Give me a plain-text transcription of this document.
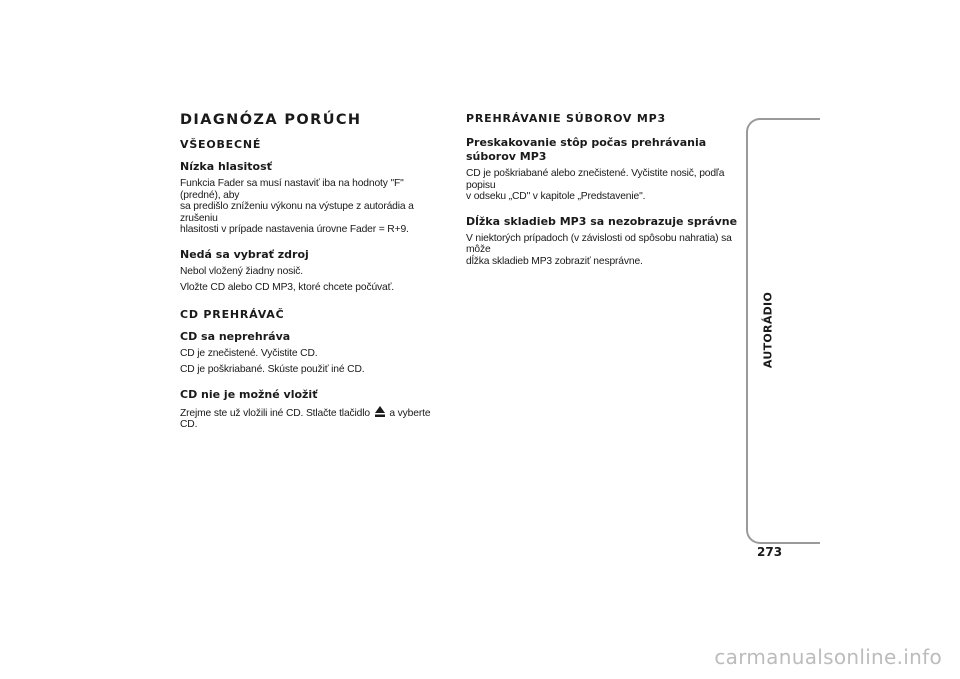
DIAGNÓZA PORÚCH
VŠEOBECNÉ
Nízka hlasitosť
Funkcia Fader sa musí nastaviť iba na hodnoty "F" (predné), aby
sa predišlo zníženiu výkonu na výstupe z autorádia a zrušeniu
hlasitosti v prípade nastavenia úrovne Fader = R+9.
Nedá sa vybrať zdroj
Nebol vložený žiadny nosič.
Vložte CD alebo CD MP3, ktoré chcete počúvať.
CD PREHRÁVAČ
CD sa neprehráva
CD je znečistené. Vyčistite CD.
CD je poškriabané. Skúste použiť iné CD.
CD nie je možné vložiť
Zrejme ste už vložili iné CD. Stlačte tlačidlo a vyberte CD.
PREHRÁVANIE SÚBOROV MP3
Preskakovanie stôp počas prehrávania súborov MP3
CD je poškriabané alebo znečistené. Vyčistite nosič, podľa popisu
v odseku „CD" v kapitole „Predstavenie".
Dĺžka skladieb MP3 sa nezobrazuje správne
V niektorých prípadoch (v závislosti od spôsobu nahratia) sa môže
dĺžka skladieb MP3 zobraziť nesprávne.
AUTORÁDIO
273
carmanualsonline.info
